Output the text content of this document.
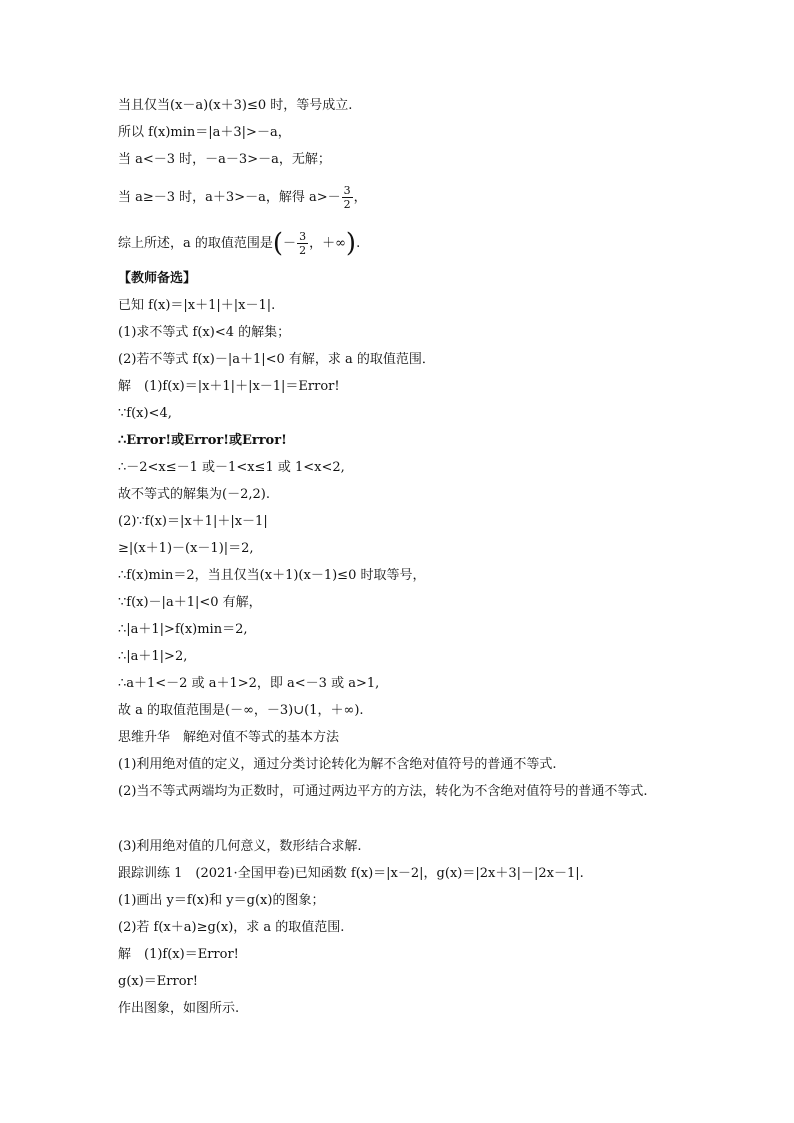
当且仅当(x－a)(x＋3)≤0 时，等号成立.
所以 f(x)min＝|a＋3|>－a，
当 a<－3 时，－a－3>－a，无解；
当 a≥－3 时，a＋3>－a，解得 $a>- \frac{3}{2}$ ，
综上所述，a 的取值范围是(－ $\frac{3}{2}$ ，＋∞).
【教师备选】
已知 f(x)＝|x＋1|＋|x－1|.
(1)求不等式 f(x)<4 的解集；
(2)若不等式 f(x)－|a＋1|<0 有解，求 a 的取值范围．
解　(1)f(x)＝|x＋1|＋|x－1|＝Error!
∵f(x)<4,
∴Error!或Error!或Error!
∴－2<x≤－1 或－1<x≤1 或 1<x<2,
故不等式的解集为(－2,2).
(2)∵f(x)＝|x＋1|＋|x－1|
≥|(x＋1)－(x－1)|＝2,
∴f(x)min＝2，当且仅当(x＋1)(x－1)≤0 时取等号，
∵f(x)－|a＋1|<0 有解，
∴|a＋1|>f(x)min＝2,
∴|a＋1|>2,
∴a＋1<－2 或 a＋1>2，即 a<－3 或 a>1,
故 a 的取值范围是(－∞，－3)∪(1，＋∞).
思维升华　解绝对值不等式的基本方法
(1)利用绝对值的定义，通过分类讨论转化为解不含绝对值符号的普通不等式.
(2)当不等式两端均为正数时，可通过两边平方的方法，转化为不含绝对值符号的普通不等式.
(3)利用绝对值的几何意义，数形结合求解.
跟踪训练 1　(2021·全国甲卷)已知函数 f(x)＝|x－2|，g(x)＝|2x＋3|－|2x－1|.
(1)画出 y＝f(x)和 y＝g(x)的图象；
(2)若 f(x＋a)≥g(x)，求 a 的取值范围.
解　(1)f(x)＝Error!
g(x)＝Error!
作出图象，如图所示.
